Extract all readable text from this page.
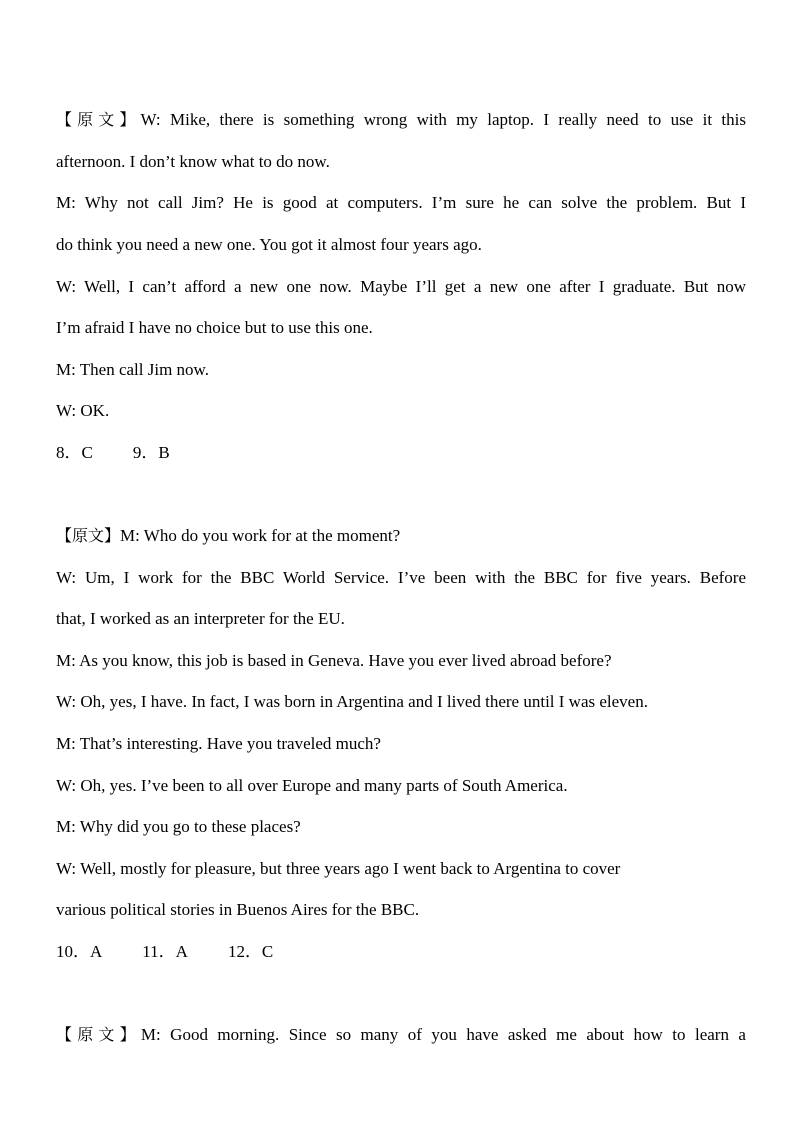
【原文】W: Mike, there is something wrong with my laptop. I really need to use it this
afternoon. I don’t know what to do now.
M: Why not call Jim? He is good at computers. I’m sure he can solve the problem. But I
do think you need a new one. You got it almost four years ago.
W: Well, I can’t afford a new one now. Maybe I’ll get a new one after I graduate. But now
I’m afraid I have no choice but to use this one.
M: Then call Jim now.
W: OK.
8．C 9．B
【原文】M: Who do you work for at the moment?
W: Um, I work for the BBC World Service. I’ve been with the BBC for five years. Before
that, I worked as an interpreter for the EU.
M: As you know, this job is based in Geneva. Have you ever lived abroad before?
W: Oh, yes, I have. In fact, I was born in Argentina and I lived there until I was eleven.
M: That’s interesting. Have you traveled much?
W: Oh, yes. I’ve been to all over Europe and many parts of South America.
M: Why did you go to these places?
W: Well, mostly for pleasure, but three years ago I went back to Argentina to cover
various political stories in Buenos Aires for the BBC.
10．A 11．A 12．C
【原文】M: Good morning. Since so many of you have asked me about how to learn a
